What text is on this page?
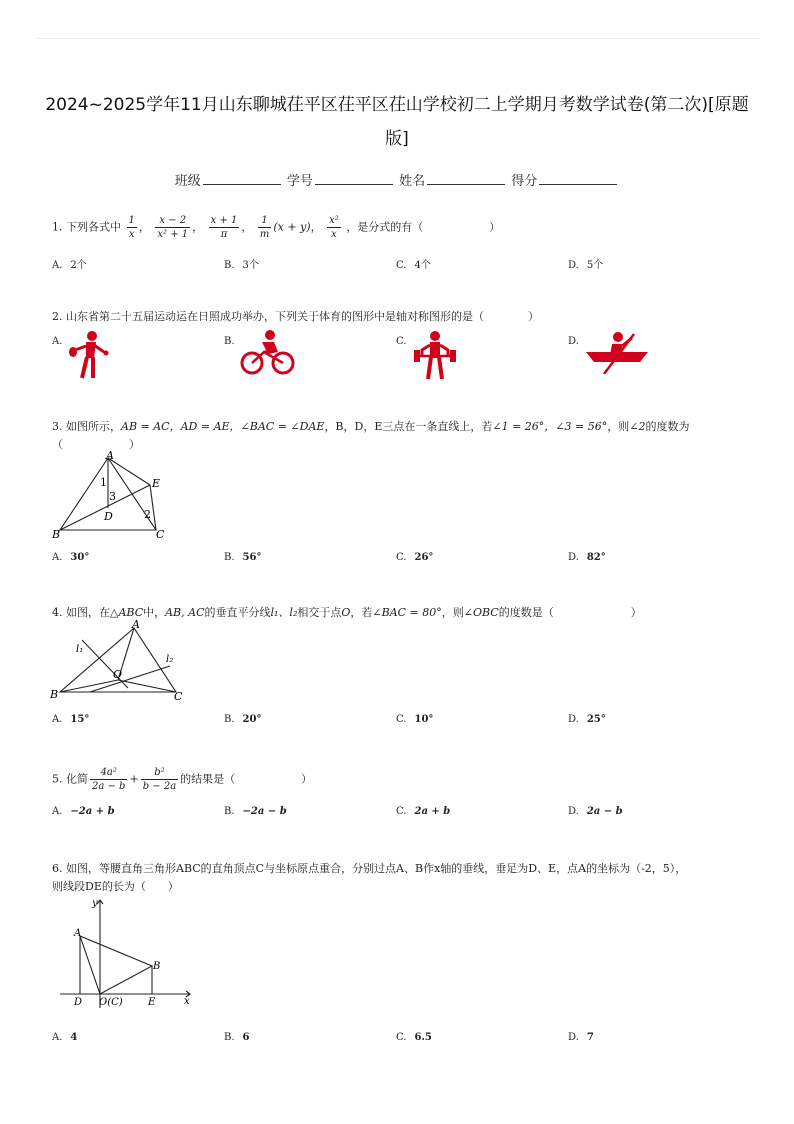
2024~2025学年11月山东聊城茌平区茌平区茌山学校初二上学期月考数学试卷(第二次)[原题版]
班级	学号	姓名	得分
1. 下列各式中 $\frac{1}{x}$ ， $\frac{x - 2}{\text{x² + 1}}$ ， $\frac{x + 1}{\pi}$ ， $\frac{1}{m} (x + y)$， $\frac{\text{x²}}{x}$ ，是分式的有（　　　　　　）
A. 2个	B. 3个	C. 4个	D. 5个
2. 山东省第二十五届运动运在日照成功举办，下列关于体育的图形中是轴对称图形的是（　　　　）
A.	B.	C.	D.
3. 如图所示，AB = AC，AD = AE，∠BAC = ∠DAE，B，D，E三点在一条直线上，若∠1 = 26°，∠3 = 56°，则∠2的度数为
（　　　　　　）
A
E
1
3
D	2
B	C
A. 30°	B. 56°	C. 26°	D. 82°
4. 如图，在△ABC中，AB, AC的垂直平分线l₁、l₂相交于点O，若∠BAC = 80°，则∠OBC的度数是（　　　　　　　）
A
l₁
l₂
O
B	C
A. 15°	B. 20°	C. 10°	D. 25°
5. 化简 $\frac{\text{4a²}}{2a - b} + \frac{\text{b²}}{b - 2a}$ 的结果是（　　　　　　）
A. −2a + b	B. −2a − b	C. 2a + b	D. 2a − b
6. 如图，等腰直角三角形ABC的直角顶点C与坐标原点重合，分别过点A、B作x轴的垂线，垂足为D、E，点A的坐标为（-2，5），
则线段DE的长为（　　）
y
A
B
D O(C)	E	x
A. 4	B. 6	C. 6.5	D. 7
